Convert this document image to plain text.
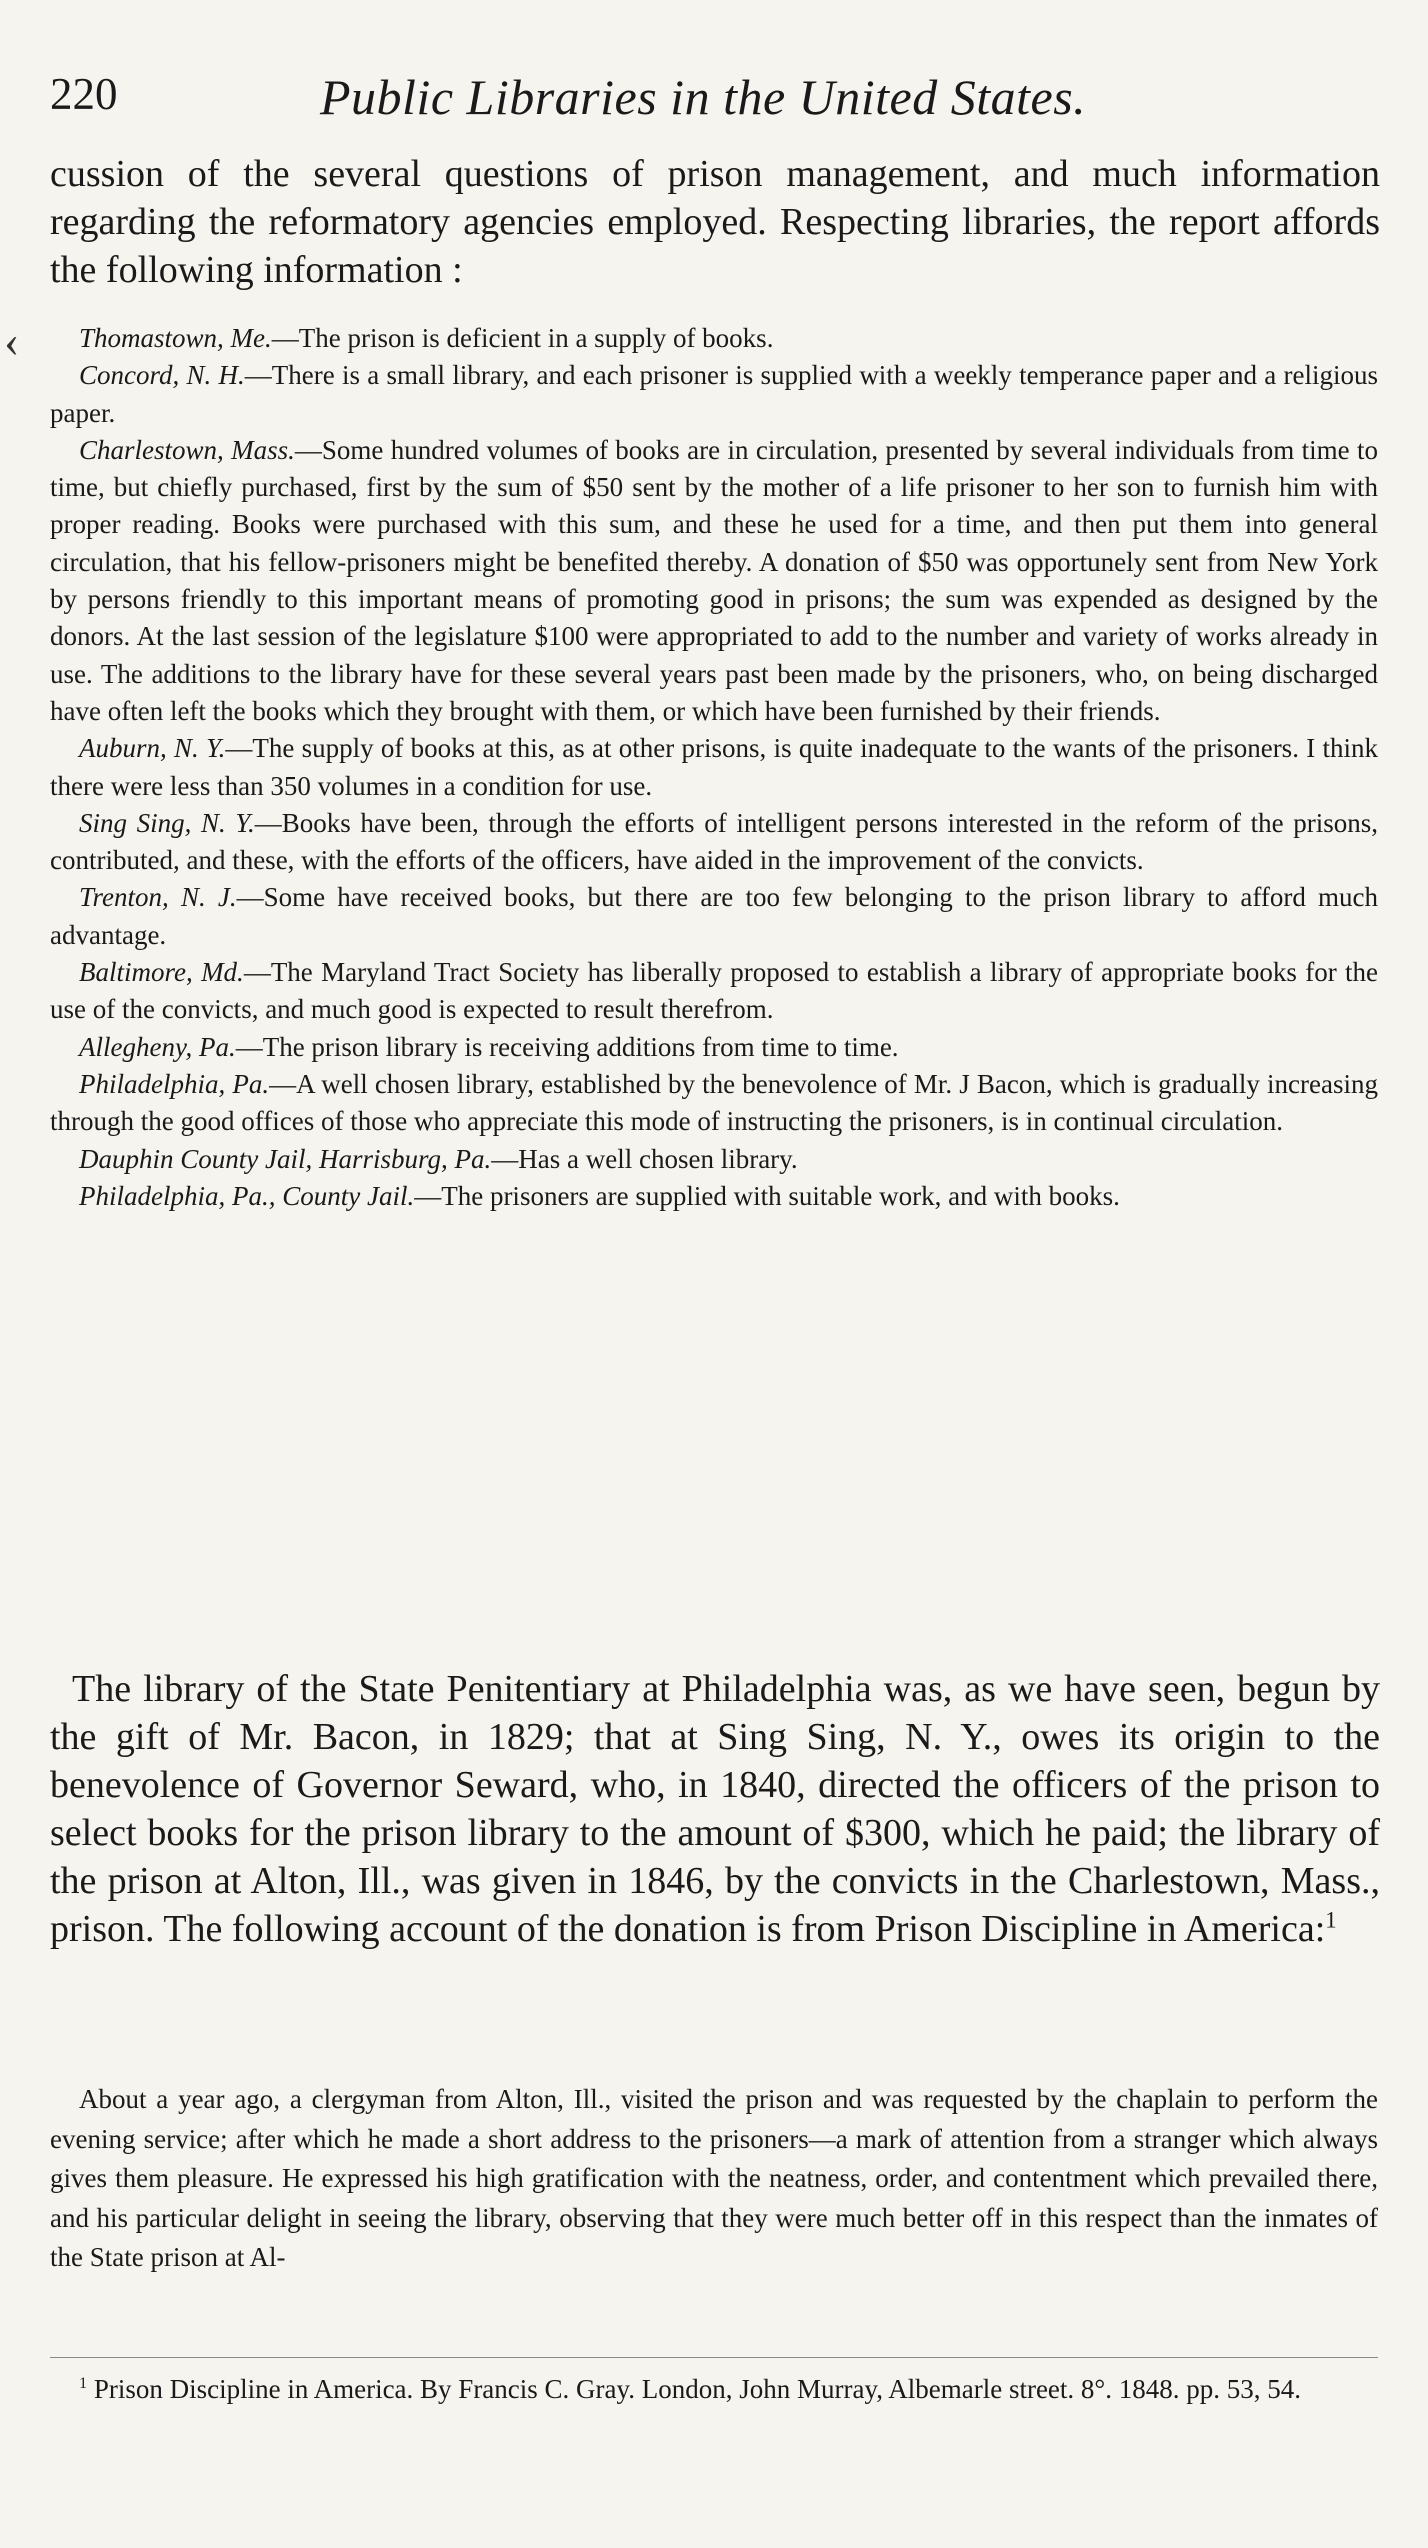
220	Public Libraries in the United States.

cussion of the several questions of prison management, and much information regarding the reformatory agencies employed. Respecting libraries, the report affords the following information :

‹	Thomastown, Me.—The prison is deficient in a supply of books.

Concord, N. H.—There is a small library, and each prisoner is supplied with a weekly temperance paper and a religious paper.

Charlestown, Mass.—Some hundred volumes of books are in circulation, presented by several individuals from time to time, but chiefly purchased, first by the sum of $50 sent by the mother of a life prisoner to her son to furnish him with proper reading. Books were purchased with this sum, and these he used for a time, and then put them into general circulation, that his fellow-prisoners might be benefited thereby. A donation of $50 was opportunely sent from New York by persons friendly to this important means of promoting good in prisons; the sum was expended as designed by the donors. At the last session of the legislature $100 were appropriated to add to the number and variety of works already in use. The additions to the library have for these several years past been made by the prisoners, who, on being discharged have often left the books which they brought with them, or which have been furnished by their friends.

Auburn, N. Y.—The supply of books at this, as at other prisons, is quite inadequate to the wants of the prisoners. I think there were less than 350 volumes in a condition for use.

Sing Sing, N. Y.—Books have been, through the efforts of intelligent persons interested in the reform of the prisons, contributed, and these, with the efforts of the officers, have aided in the improvement of the convicts.

Trenton, N. J.—Some have received books, but there are too few belonging to the prison library to afford much advantage.

Baltimore, Md.—The Maryland Tract Society has liberally proposed to establish a library of appropriate books for the use of the convicts, and much good is expected to result therefrom.

Allegheny, Pa.—The prison library is receiving additions from time to time.

Philadelphia, Pa.—A well chosen library, established by the benevolence of Mr. J Bacon, which is gradually increasing through the good offices of those who appreciate this mode of instructing the prisoners, is in continual circulation.

Dauphin County Jail, Harrisburg, Pa.—Has a well chosen library.

Philadelphia, Pa., County Jail.—The prisoners are supplied with suitable work, and with books.

The library of the State Penitentiary at Philadelphia was, as we have seen, begun by the gift of Mr. Bacon, in 1829; that at Sing Sing, N. Y., owes its origin to the benevolence of Governor Seward, who, in 1840, directed the officers of the prison to select books for the prison library to the amount of $300, which he paid; the library of the prison at Alton, Ill., was given in 1846, by the convicts in the Charlestown, Mass., prison. The following account of the donation is from Prison Discipline in America:$^1$

About a year ago, a clergyman from Alton, Ill., visited the prison and was requested by the chaplain to perform the evening service; after which he made a short address to the prisoners—a mark of attention from a stranger which always gives them pleasure. He expressed his high gratification with the neatness, order, and contentment which prevailed there, and his particular delight in seeing the library, observing that they were much better off in this respect than the inmates of the State prison at Al-

$^1$ Prison Discipline in America. By Francis C. Gray. London, John Murray, Albemarle street. 8°. 1848. pp. 53, 54.
